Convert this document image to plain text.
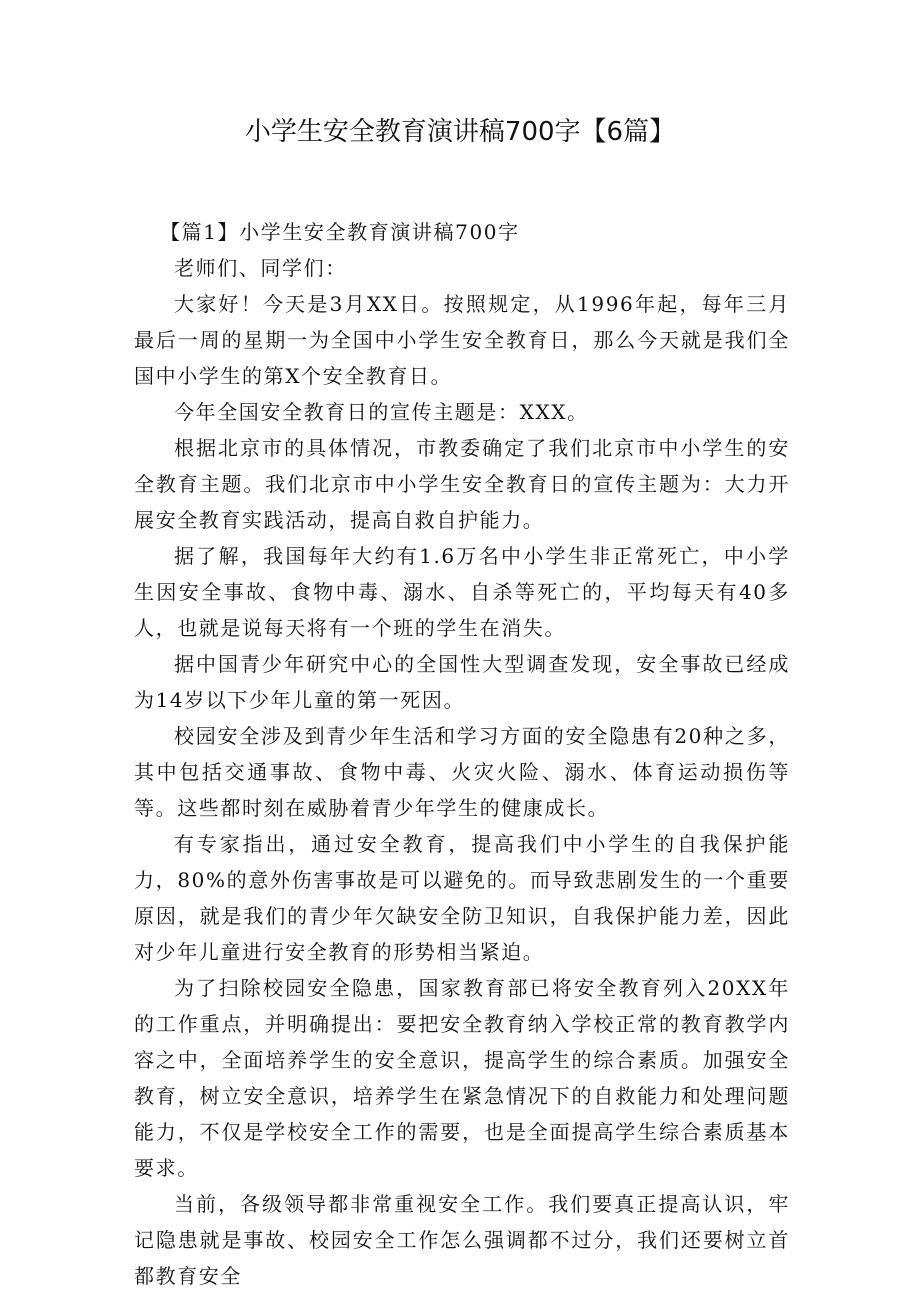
小学生安全教育演讲稿700字【6篇】

【篇1】小学生安全教育演讲稿700字

老师们、同学们：

大家好！今天是3月XX日。按照规定，从1996年起，每年三月最后一周的星期一为全国中小学生安全教育日，那么今天就是我们全国中小学生的第X个安全教育日。

今年全国安全教育日的宣传主题是：XXX。

根据北京市的具体情况，市教委确定了我们北京市中小学生的安全教育主题。我们北京市中小学生安全教育日的宣传主题为：大力开展安全教育实践活动，提高自救自护能力。

据了解，我国每年大约有1.6万名中小学生非正常死亡，中小学生因安全事故、食物中毒、溺水、自杀等死亡的，平均每天有40多人，也就是说每天将有一个班的学生在消失。

据中国青少年研究中心的全国性大型调查发现，安全事故已经成为14岁以下少年儿童的第一死因。

校园安全涉及到青少年生活和学习方面的安全隐患有20种之多，其中包括交通事故、食物中毒、火灾火险、溺水、体育运动损伤等等。这些都时刻在威胁着青少年学生的健康成长。

有专家指出，通过安全教育，提高我们中小学生的自我保护能力，80%的意外伤害事故是可以避免的。而导致悲剧发生的一个重要原因，就是我们的青少年欠缺安全防卫知识，自我保护能力差，因此对少年儿童进行安全教育的形势相当紧迫。

为了扫除校园安全隐患，国家教育部已将安全教育列入20XX年的工作重点，并明确提出：要把安全教育纳入学校正常的教育教学内容之中，全面培养学生的安全意识，提高学生的综合素质。加强安全教育，树立安全意识，培养学生在紧急情况下的自救能力和处理问题能力，不仅是学校安全工作的需要，也是全面提高学生综合素质基本要求。

当前，各级领导都非常重视安全工作。我们要真正提高认识，牢记隐患就是事故、校园安全工作怎么强调都不过分，我们还要树立首都教育安全
